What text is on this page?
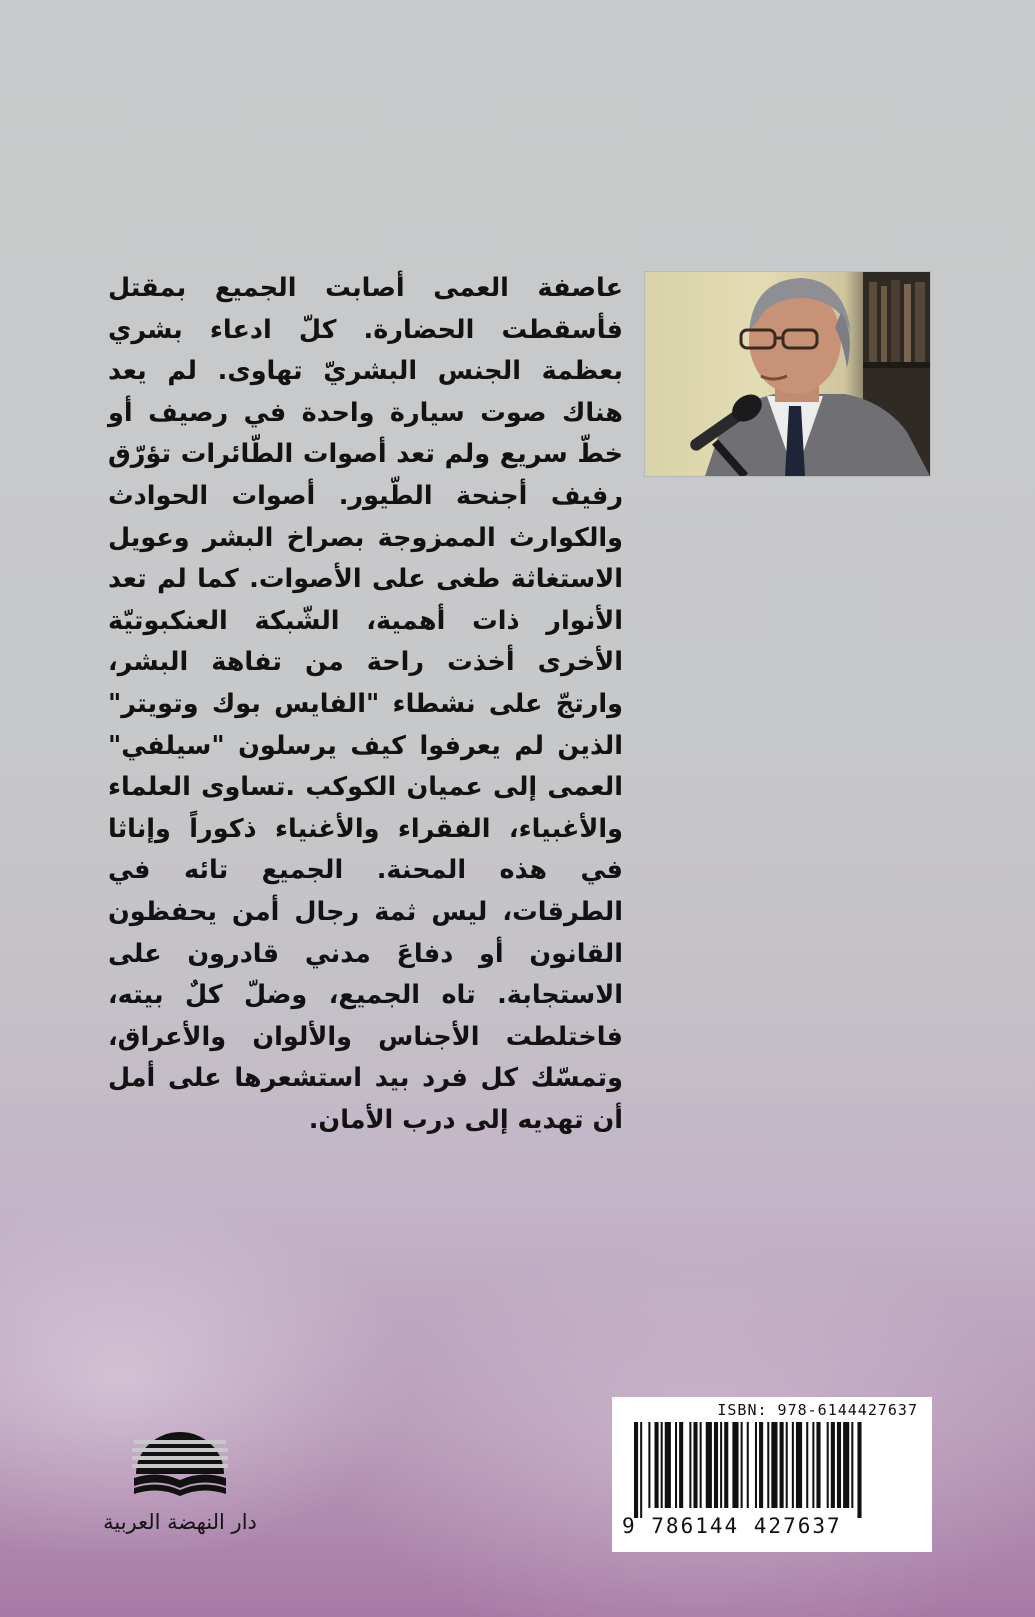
عاصفة العمى أصابت الجميع بمقتل فأسقطت الحضارة. كلّ ادعاء بشري بعظمة الجنس البشريّ تهاوى. لم يعد هناك صوت سيارة واحدة في رصيف أو خطّ سريع ولم تعد أصوات الطّائرات تؤرّق رفيف أجنحة الطّيور. أصوات الحوادث والكوارث الممزوجة بصراخ البشر وعويل الاستغاثة طغى على الأصوات. كما لم تعد الأنوار ذات أهمية، الشّبكة العنكبوتيّة الأخرى أخذت راحة من تفاهة البشر، وارتجّ على نشطاء "الفايس بوك وتويتر" الذين لم يعرفوا كيف يرسلون "سيلفي" العمى إلى عميان الكوكب .تساوى العلماء والأغبياء، الفقراء والأغنياء ذكوراً وإناثا في هذه المحنة. الجميع تائه في الطرقات، ليس ثمة رجال أمن يحفظون القانون أو دفاعَ مدني قادرون على الاستجابة. تاه الجميع، وضلّ كلٌ بيته، فاختلطت الأجناس والألوان والأعراق، وتمسّك كل فرد بيد استشعرها على أمل أن تهديه إلى درب الأمان.

دار النهضة العربية
ISBN: 978-6144427637
9 786144 427637
